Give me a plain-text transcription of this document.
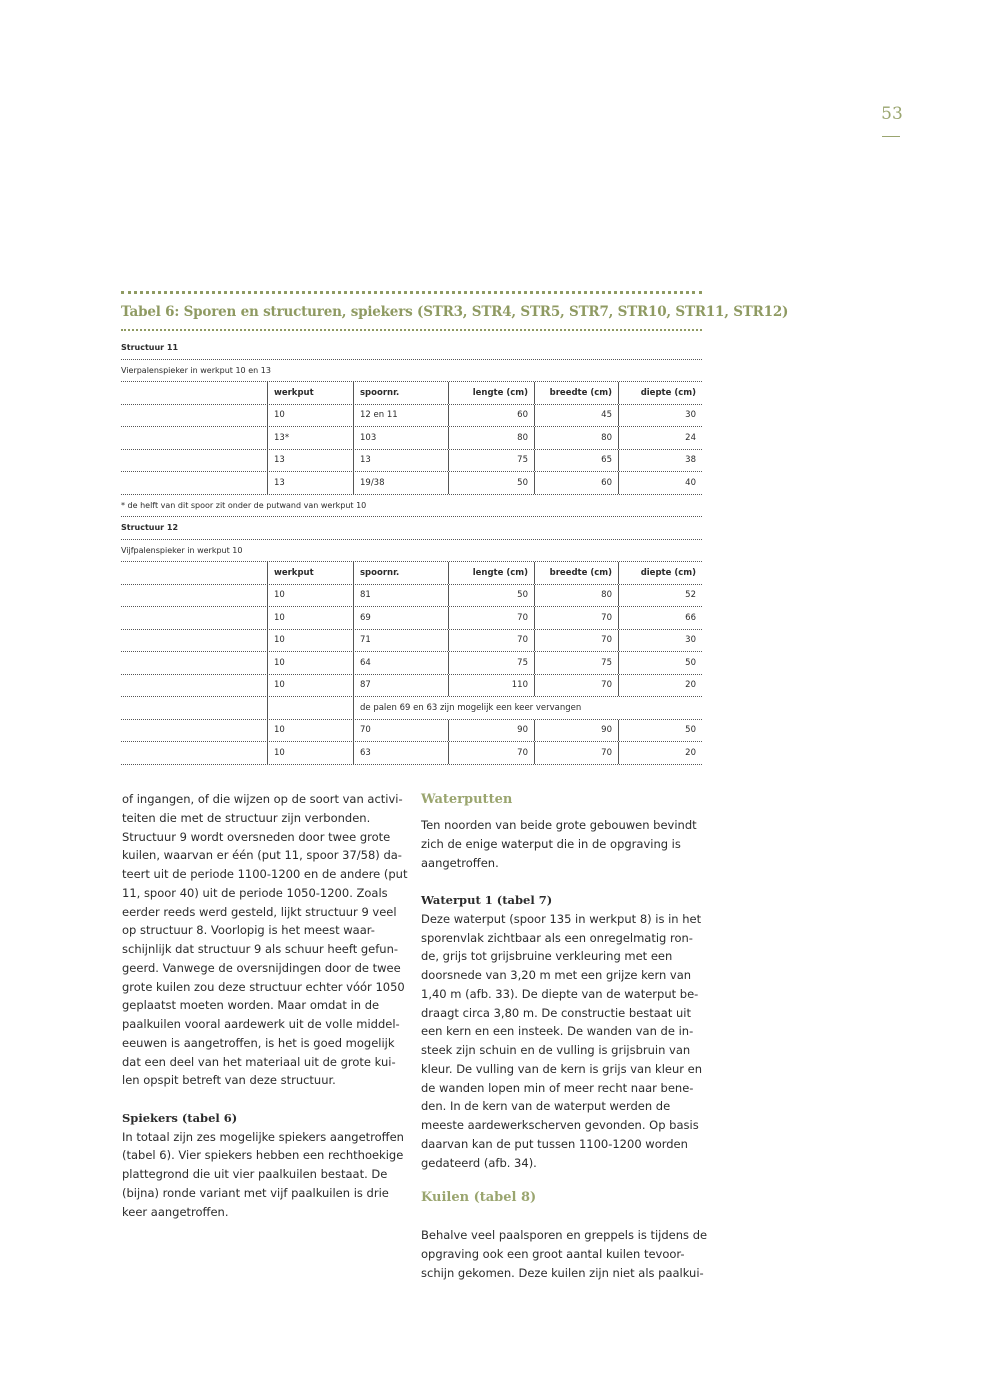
53
Tabel 6: Sporen en structuren, spiekers (STR3, STR4, STR5, STR7, STR10, STR11, STR12)
Structuur 11
Vierpalenspieker in werkput 10 en 13
werkput	spoornr.	lengte (cm)	breedte (cm)	diepte (cm)
10	12 en 11	60	45	30
13*	103	80	80	24
13	13	75	65	38
13	19/38	50	60	40
* de helft van dit spoor zit onder de putwand van werkput 10
Structuur 12
Vijfpalenspieker in werkput 10
werkput	spoornr.	lengte (cm)	breedte (cm)	diepte (cm)
10	81	50	80	52
10	69	70	70	66
10	71	70	70	30
10	64	75	75	50
10	87	110	70	20
de palen 69 en 63 zijn mogelijk een keer vervangen
10	70	90	90	50
10	63	70	70	20

of ingangen, of die wijzen op de soort van activi-
teiten die met de structuur zijn verbonden.
Structuur 9 wordt oversneden door twee grote
kuilen, waarvan er één (put 11, spoor 37/58) da-
teert uit de periode 1100-1200 en de andere (put
11, spoor 40) uit de periode 1050-1200. Zoals
eerder reeds werd gesteld, lijkt structuur 9 veel
op structuur 8. Voorlopig is het meest waar-
schijnlijk dat structuur 9 als schuur heeft gefun-
geerd. Vanwege de oversnijdingen door de twee
grote kuilen zou deze structuur echter vóór 1050
geplaatst moeten worden. Maar omdat in de
paalkuilen vooral aardewerk uit de volle middel-
eeuwen is aangetroffen, is het is goed mogelijk
dat een deel van het materiaal uit de grote kui-
len opspit betreft van deze structuur.

Spiekers (tabel 6)

In totaal zijn zes mogelijke spiekers aangetroffen
(tabel 6). Vier spiekers hebben een rechthoekige
plattegrond die uit vier paalkuilen bestaat. De
(bijna) ronde variant met vijf paalkuilen is drie
keer aangetroffen.

Waterputten

Ten noorden van beide grote gebouwen bevindt
zich de enige waterput die in de opgraving is
aangetroffen.

Waterput 1 (tabel 7)

Deze waterput (spoor 135 in werkput 8) is in het
sporenvlak zichtbaar als een onregelmatig ron-
de, grijs tot grijsbruine verkleuring met een
doorsnede van 3,20 m met een grijze kern van
1,40 m (afb. 33). De diepte van de waterput be-
draagt circa 3,80 m. De constructie bestaat uit
een kern en een insteek. De wanden van de in-
steek zijn schuin en de vulling is grijsbruin van
kleur. De vulling van de kern is grijs van kleur en
de wanden lopen min of meer recht naar bene-
den. In de kern van de waterput werden de
meeste aardewerkscherven gevonden. Op basis
daarvan kan de put tussen 1100-1200 worden
gedateerd (afb. 34).

Kuilen (tabel 8)

Behalve veel paalsporen en greppels is tijdens de
opgraving ook een groot aantal kuilen tevoor-
schijn gekomen. Deze kuilen zijn niet als paalkui-
